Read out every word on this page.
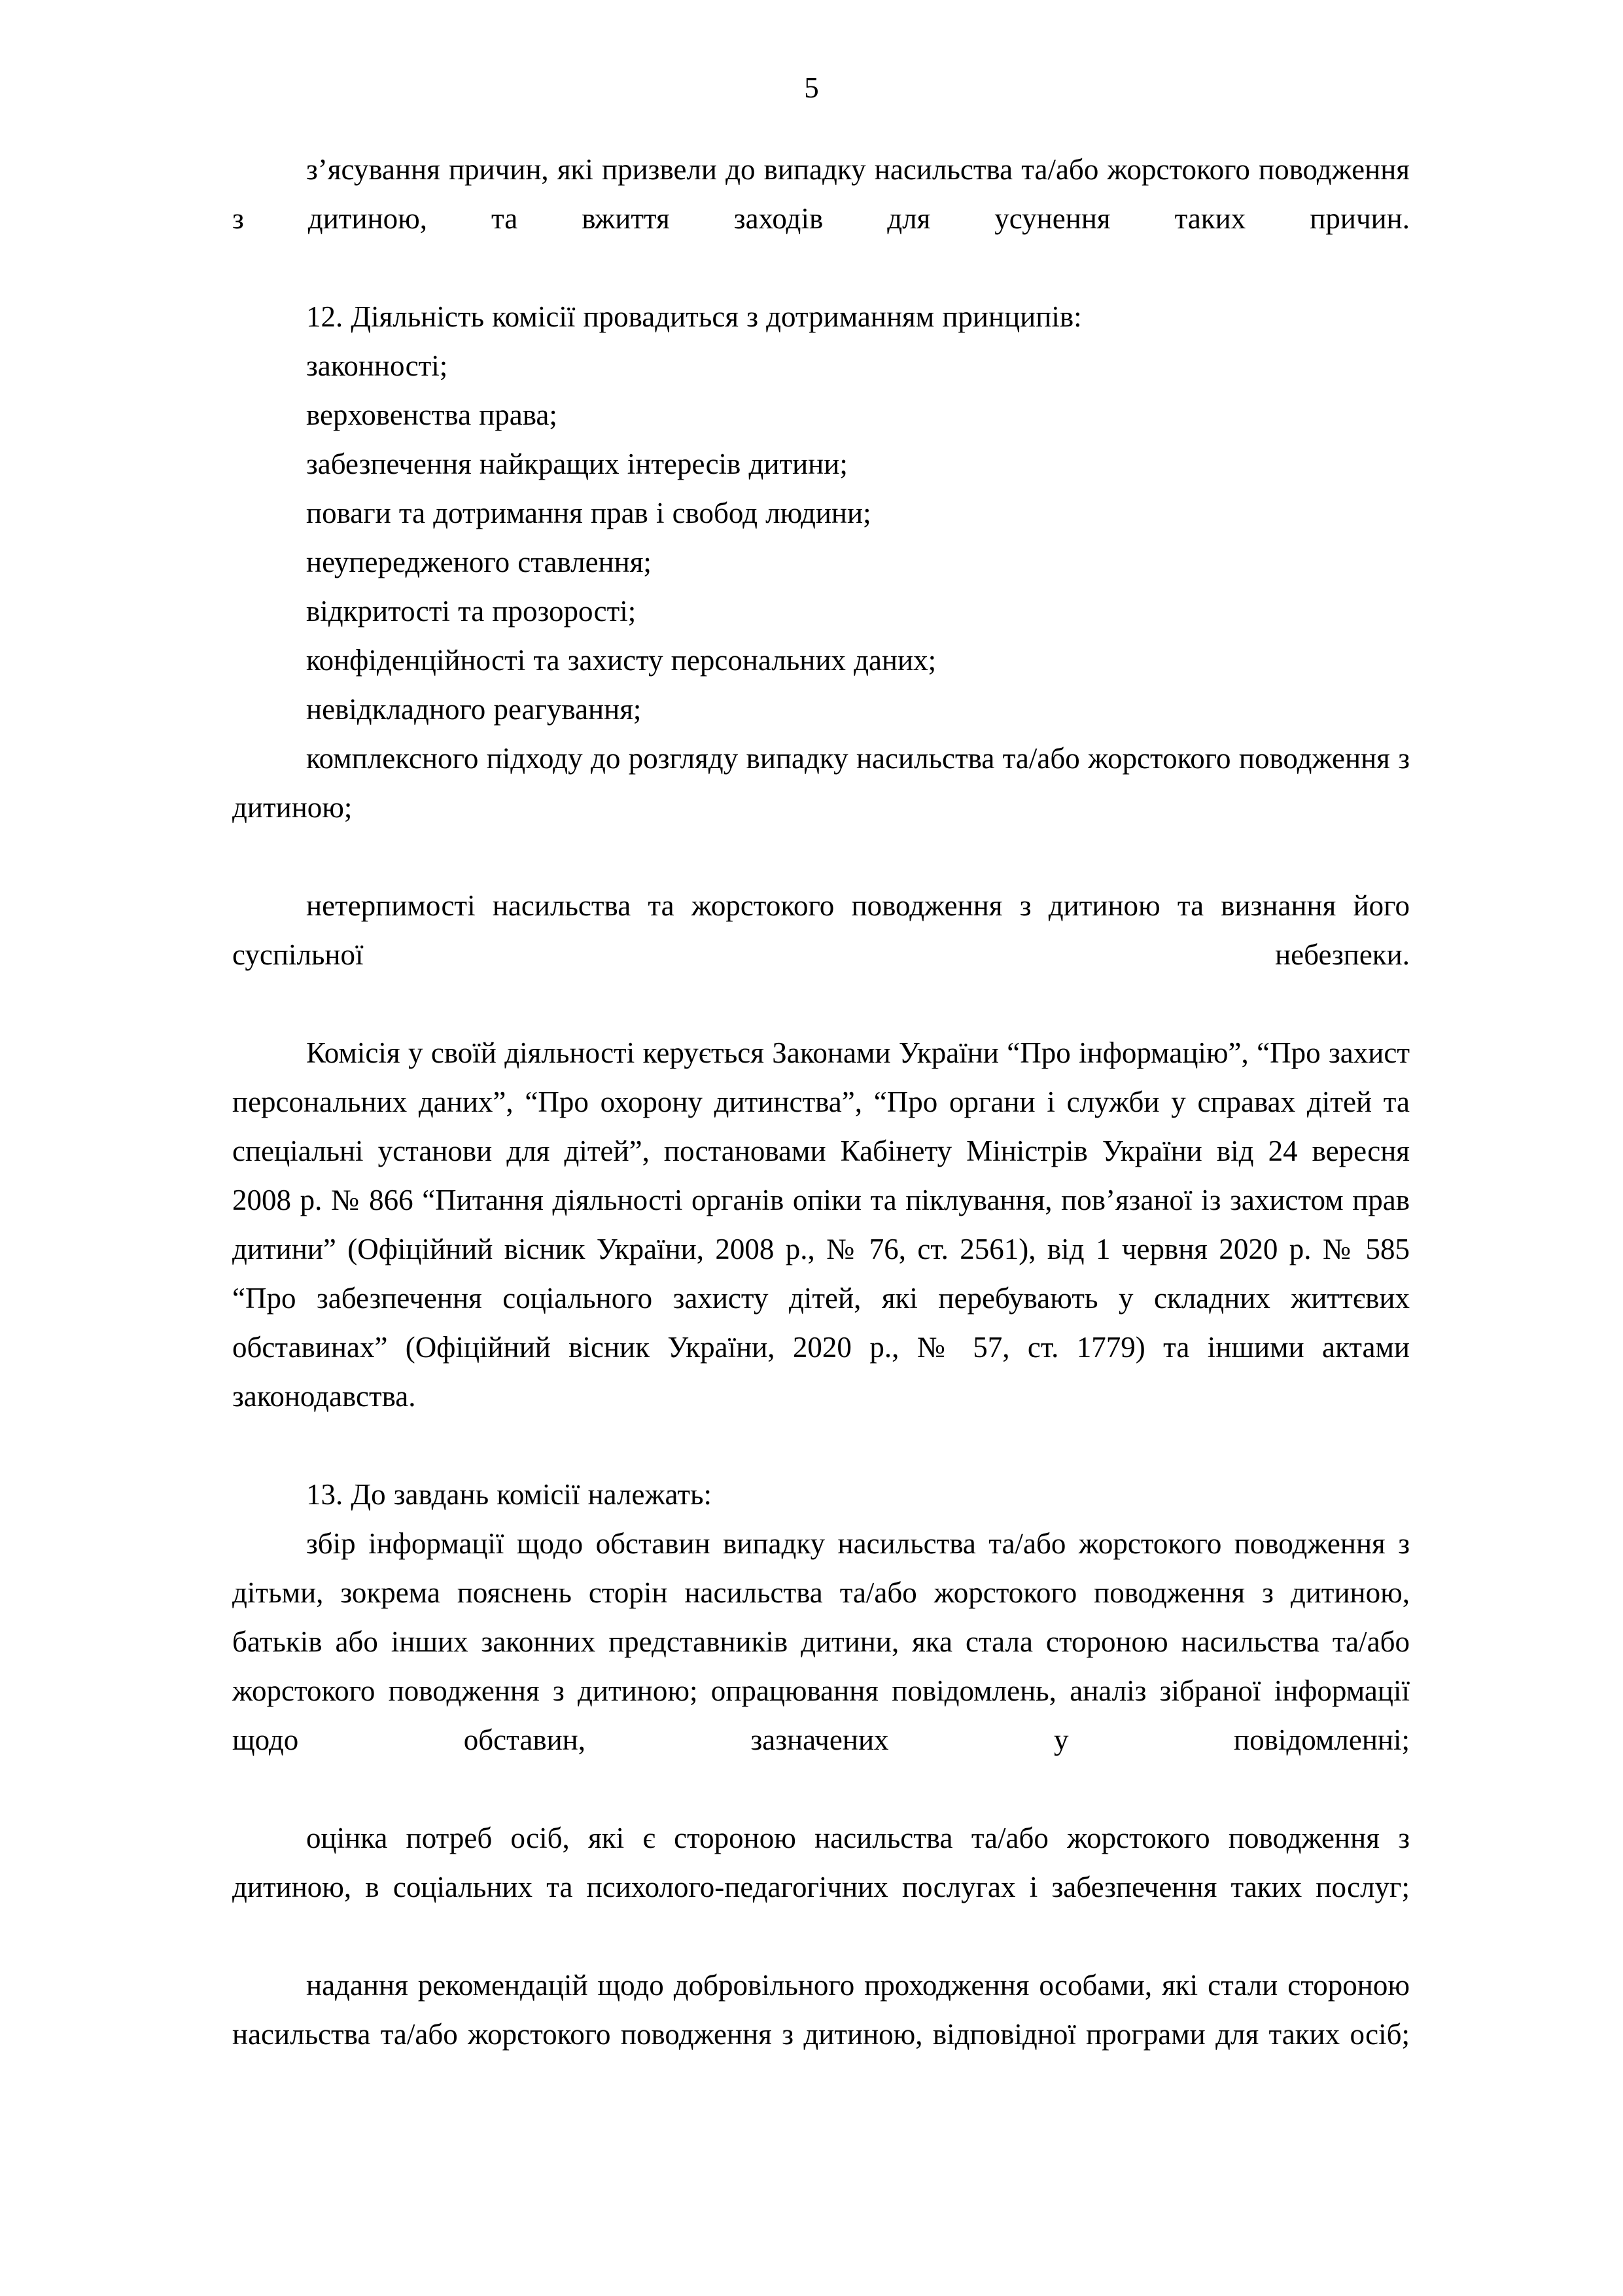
5

з’ясування причин, які призвели до випадку насильства та/або жорстокого поводження з дитиною, та вжиття заходів для усунення таких причин.

12. Діяльність комісії провадиться з дотриманням принципів:

законності;

верховенства права;

забезпечення найкращих інтересів дитини;

поваги та дотримання прав і свобод людини;

неупередженого ставлення;

відкритості та прозорості;

конфіденційності та захисту персональних даних;

невідкладного реагування;

комплексного підходу до розгляду випадку насильства та/або жорстокого поводження з дитиною;

нетерпимості насильства та жорстокого поводження з дитиною та визнання його суспільної небезпеки.

Комісія у своїй діяльності керується Законами України “Про інформацію”, “Про захист персональних даних”, “Про охорону дитинства”, “Про органи і служби у справах дітей та спеціальні установи для дітей”, постановами Кабінету Міністрів України від 24 вересня 2008 р. № 866 “Питання діяльності органів опіки та піклування, пов’язаної із захистом прав дитини” (Офіційний вісник України, 2008 р., № 76, ст. 2561), від 1 червня 2020 р. № 585 “Про забезпечення соціального захисту дітей, які перебувають у складних життєвих обставинах” (Офіційний вісник України, 2020 р., № 57, ст. 1779) та іншими актами законодавства.

13. До завдань комісії належать:

збір інформації щодо обставин випадку насильства та/або жорстокого поводження з дітьми, зокрема пояснень сторін насильства та/або жорстокого поводження з дитиною, батьків або інших законних представників дитини, яка стала стороною насильства та/або жорстокого поводження з дитиною; опрацювання повідомлень, аналіз зібраної інформації щодо обставин, зазначених у повідомленні;

оцінка потреб осіб, які є стороною насильства та/або жорстокого поводження з дитиною, в соціальних та психолого-педагогічних послугах і забезпечення таких послуг;

надання рекомендацій щодо добровільного проходження особами, які стали стороною насильства та/або жорстокого поводження з дитиною, відповідної програми для таких осіб;
